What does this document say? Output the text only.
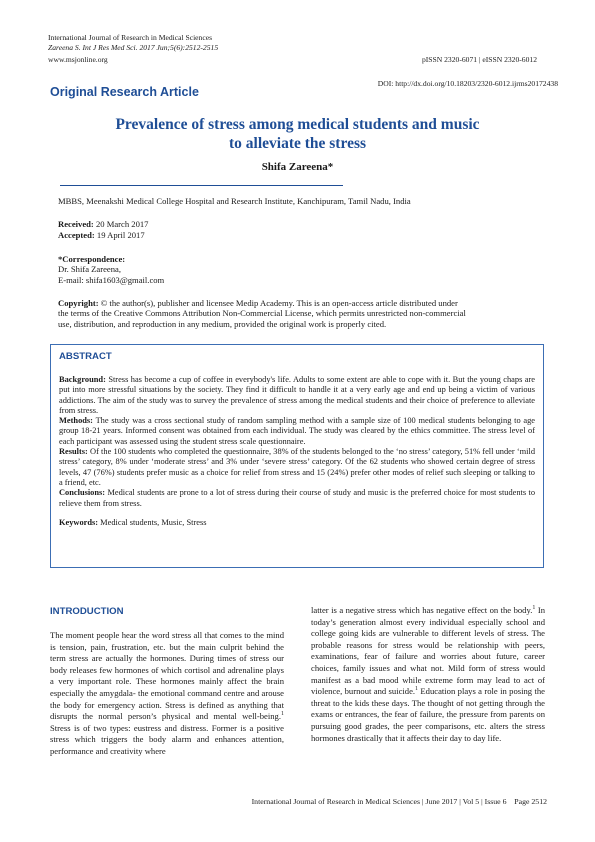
International Journal of Research in Medical Sciences
Zareena S. Int J Res Med Sci. 2017 Jun;5(6):2512-2515
www.msjonline.org	pISSN 2320-6071 | eISSN 2320-6012
DOI: http://dx.doi.org/10.18203/2320-6012.ijrms20172438
Original Research Article
Prevalence of stress among medical students and music
to alleviate the stress
Shifa Zareena*
MBBS, Meenakshi Medical College Hospital and Research Institute, Kanchipuram, Tamil Nadu, India
Received: 20 March 2017
Accepted: 19 April 2017
*Correspondence:
Dr. Shifa Zareena,
E-mail: shifa1603@gmail.com
Copyright: © the author(s), publisher and licensee Medip Academy. This is an open-access article distributed under
the terms of the Creative Commons Attribution Non-Commercial License, which permits unrestricted non-commercial
use, distribution, and reproduction in any medium, provided the original work is properly cited.
ABSTRACT
Background: Stress has become a cup of coffee in everybody's life. Adults to some extent are able to cope with it. But the young chaps are put into more stressful situations by the society. They find it difficult to handle it at a very early age and end up being a victim of various addictions. The aim of the study was to survey the prevalence of stress among the medical students and their choice of preference to alleviate from stress.
Methods: The study was a cross sectional study of random sampling method with a sample size of 100 medical students belonging to age group 18-21 years. Informed consent was obtained from each individual. The study was cleared by the ethics committee. The stress level of each participant was assessed using the student stress scale questionnaire.
Results: Of the 100 students who completed the questionnaire, 38% of the students belonged to the ‘no stress’ category, 51% fell under ‘mild stress’ category, 8% under ‘moderate stress’ and 3% under ‘severe stress’ category. Of the 62 students who showed certain degree of stress levels, 47 (76%) students prefer music as a choice for relief from stress and 15 (24%) prefer other modes of relief such sleeping or talking to a friend, etc.
Conclusions: Medical students are prone to a lot of stress during their course of study and music is the preferred choice for most students to relieve them from stress.
Keywords: Medical students, Music, Stress
INTRODUCTION

The moment people hear the word stress all that comes to the mind is tension, pain, frustration, etc. but the main culprit behind the term stress are actually the hormones. During times of stress our body releases few hormones of which cortisol and adrenaline plays a very important role. These hormones mainly affect the brain especially the amygdala- the emotional command centre and arouse the body for emergency action. Stress is defined as anything that disrupts the normal person’s physical and mental well-being.$^1$ Stress is of two types: eustress and distress. Former is a positive stress which triggers the body alarm and enhances attention, performance and creativity where

latter is a negative stress which has negative effect on the body.$^1$ In today’s generation almost every individual especially school and college going kids are vulnerable to different levels of stress. The probable reasons for stress would be relationship with peers, examinations, fear of failure and worries about future, career choices, family issues and what not. Mild form of stress would manifest as a bad mood while extreme form may lead to act of violence, burnout and suicide.$^1$ Education plays a role in posing the threat to the kids these days. The thought of not getting through the exams or entrances, the fear of failure, the pressure from parents on pursuing good grades, the peer comparisons, etc. alters the stress hormones drastically that it affects their day to day life.

International Journal of Research in Medical Sciences | June 2017 | Vol 5 | Issue 6    Page 2512
